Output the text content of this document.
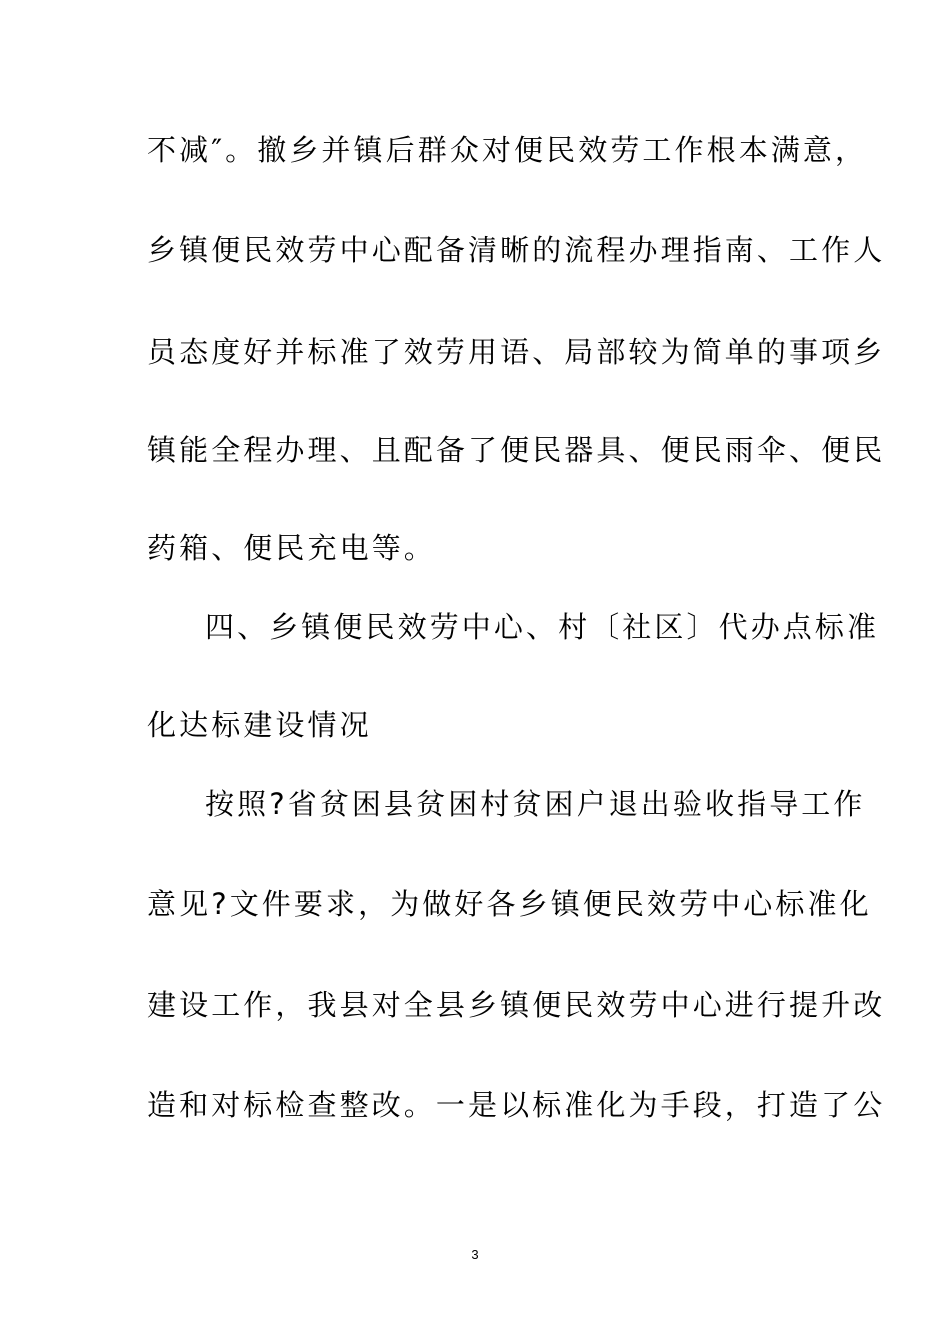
不减″。撤乡并镇后群众对便民效劳工作根本满意，
乡镇便民效劳中心配备清晰的流程办理指南、工作人
员态度好并标准了效劳用语、局部较为简单的事项乡
镇能全程办理、且配备了便民器具、便民雨伞、便民
药箱、便民充电等。
四、乡镇便民效劳中心、村〔社区〕代办点标准
化达标建设情况
按照?省贫困县贫困村贫困户退出验收指导工作
意见?文件要求，为做好各乡镇便民效劳中心标准化
建设工作，我县对全县乡镇便民效劳中心进行提升改
造和对标检查整改。一是以标准化为手段，打造了公
3
